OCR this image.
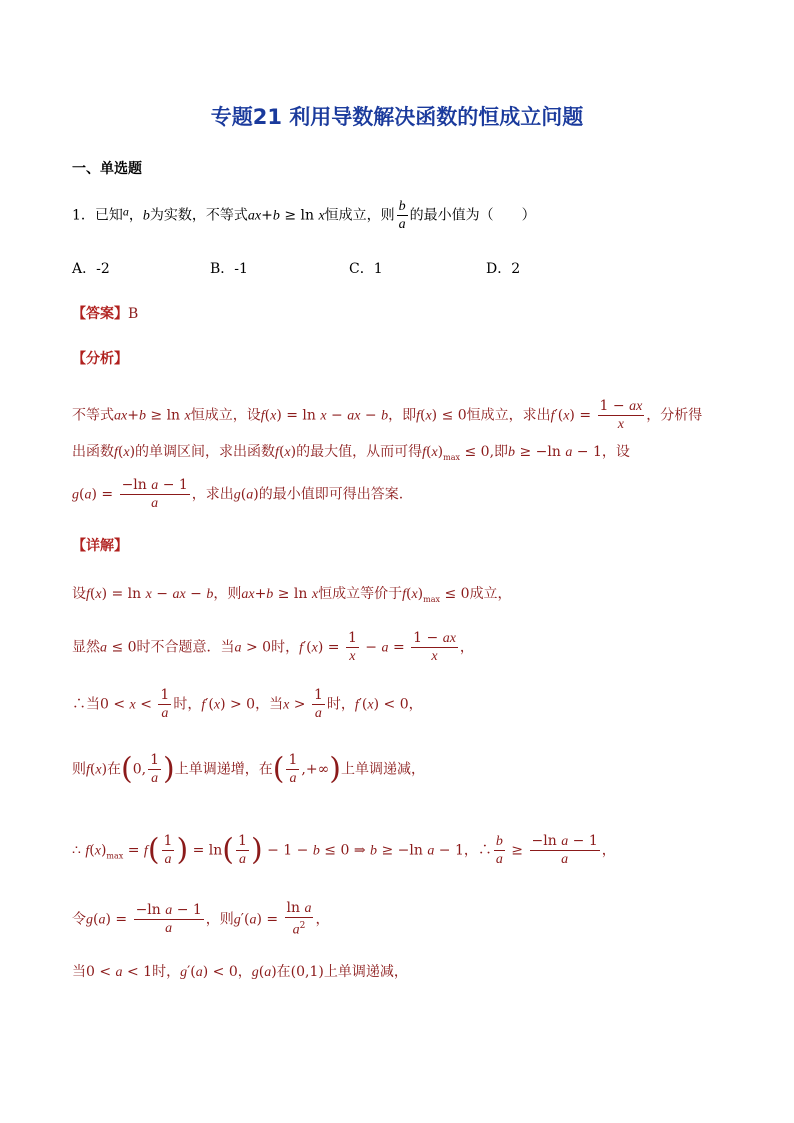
专题21 利用导数解决函数的恒成立问题
一、单选题
1．已知a，b为实数，不等式ax+b ≥ ln x恒成立，则 $\frac{b}{a}$ 的最小值为（　　）
A．-2	B．-1	C．1	D．2
【答案】B
【分析】
不等式ax+b ≥ ln x恒成立，设f(x) = ln x − ax − b，即f(x) ≤ 0恒成立，求出$f'(x) = \frac{1 - ax}{x}$ ，分析得
出函数f(x)的单调区间，求出函数f(x)的最大值，从而可得$f(x)_{max} \le 0$,即b ≥ −ln a − 1，设
$g(a) = \frac{\text{−ln a − 1}}{a}$ ，求出g(a)的最小值即可得出答案.
【详解】
设f(x) = ln x − ax − b，则ax+b ≥ ln x恒成立等价于$f(x)_{max} \le 0$成立，
显然a ≤ 0时不合题意．当a > 0时，$f'(x) = \frac{1}{x} - a = \frac{1 - ax}{x}$ ，
∴当$0 < x < \frac{1}{a}$ 时，f′(x) > 0，当$x > \frac{1}{a}$ 时，f′(x) < 0，
则f(x)在(0, $\frac{1}{a}$ )上单调递增，在( $\frac{1}{a}$ ,+∞)上单调递减，
∴ $f(x)_{max} = f( \frac{1}{a}$ ) = $\ln( \frac{1}{a}$ ) − 1 − b ≤ 0 ⇒ b ≥ −ln a − 1，∴ $\frac{b}{a} \ge \frac{\text{−ln a − 1}}{a}$ ，
令$g(a) = \frac{\text{−ln a − 1}}{a}$ ，则$g'(a) = \frac{\text{ln a}}{a^2}$ ，
当0 < a < 1时，g′(a) < 0，g(a)在(0,1)上单调递减，
